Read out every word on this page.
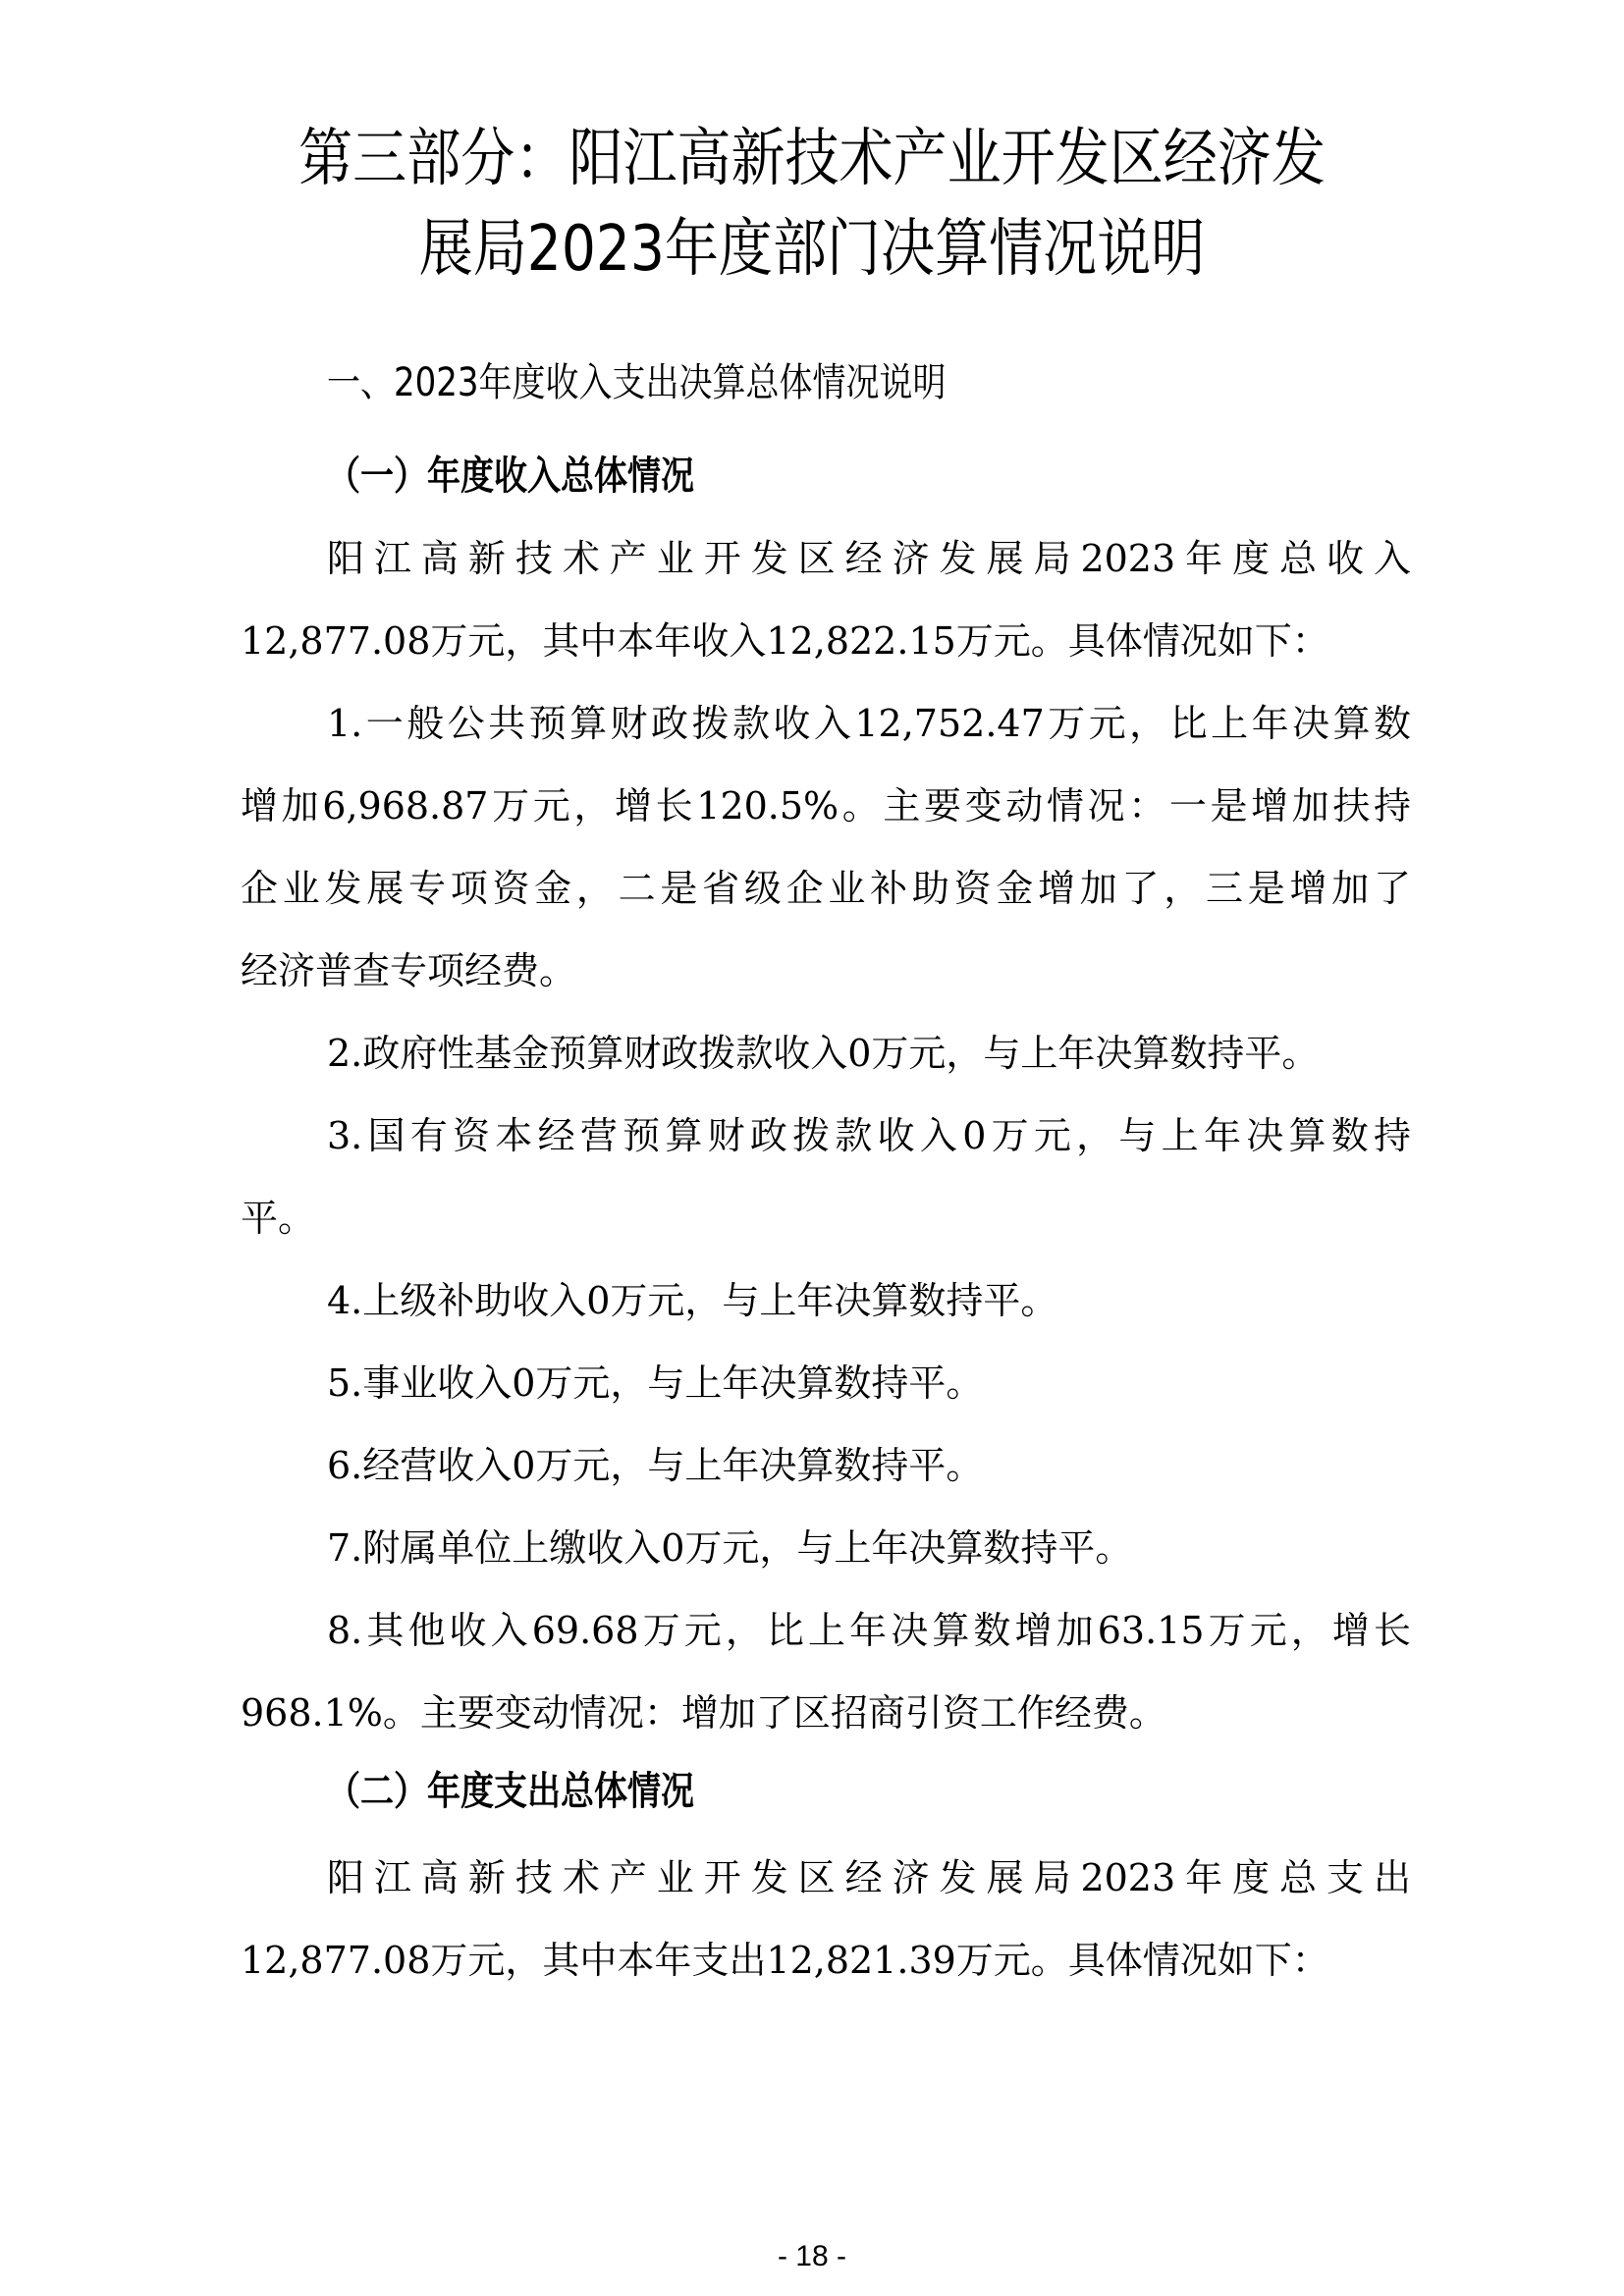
第三部分：阳江高新技术产业开发区经济发
展局2023年度部门决算情况说明
一、2023年度收入支出决算总体情况说明
（一）年度收入总体情况
阳江高新技术产业开发区经济发展局2023年度总收入
12,877.08万元，其中本年收入12,822.15万元。具体情况如下：
1.一般公共预算财政拨款收入12,752.47万元，比上年决算数
增加6,968.87万元，增长120.5%。主要变动情况：一是增加扶持
企业发展专项资金，二是省级企业补助资金增加了，三是增加了
经济普查专项经费。
2.政府性基金预算财政拨款收入0万元，与上年决算数持平。
3.国有资本经营预算财政拨款收入0万元，与上年决算数持
平。
4.上级补助收入0万元，与上年决算数持平。
5.事业收入0万元，与上年决算数持平。
6.经营收入0万元，与上年决算数持平。
7.附属单位上缴收入0万元，与上年决算数持平。
8.其他收入69.68万元，比上年决算数增加63.15万元，增长
968.1%。主要变动情况：增加了区招商引资工作经费。
（二）年度支出总体情况
阳江高新技术产业开发区经济发展局2023年度总支出
12,877.08万元，其中本年支出12,821.39万元。具体情况如下：
- 18 -
